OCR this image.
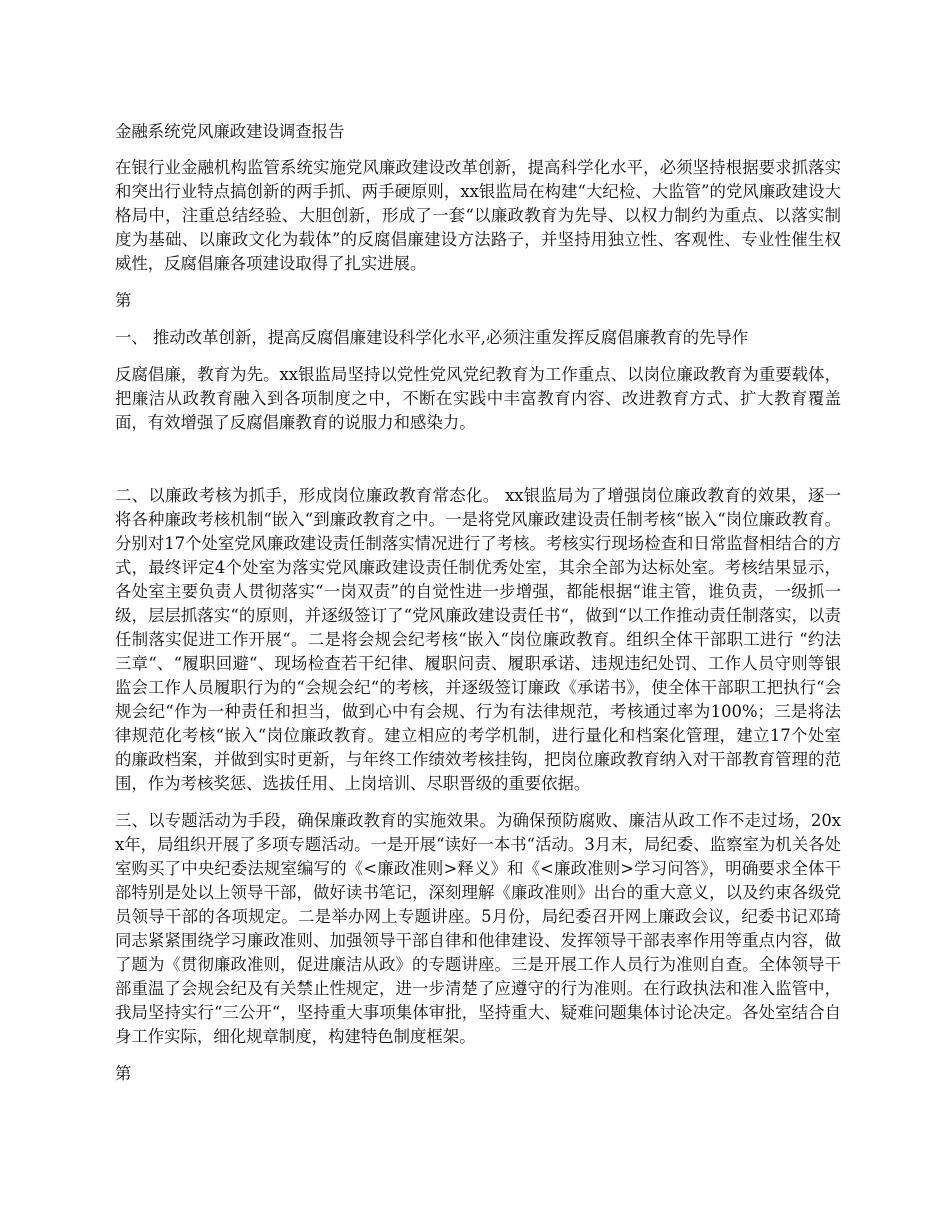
金融系统党风廉政建设调查报告

在银行业金融机构监管系统实施党风廉政建设改革创新，提高科学化水平，必须坚持根据要求抓落实和突出行业特点搞创新的两手抓、两手硬原则，xx银监局在构建“大纪检、大监管”的党风廉政建设大格局中，注重总结经验、大胆创新，形成了一套“以廉政教育为先导、以权力制约为重点、以落实制度为基础、以廉政文化为载体”的反腐倡廉建设方法路子，并坚持用独立性、客观性、专业性催生权威性，反腐倡廉各项建设取得了扎实进展。

第

一、 推动改革创新，提高反腐倡廉建设科学化水平,必须注重发挥反腐倡廉教育的先导作

反腐倡廉，教育为先。xx银监局坚持以党性党风党纪教育为工作重点、以岗位廉政教育为重要载体，把廉洁从政教育融入到各项制度之中，不断在实践中丰富教育内容、改进教育方式、扩大教育覆盖面，有效增强了反腐倡廉教育的说服力和感染力。

二、以廉政考核为抓手，形成岗位廉政教育常态化。 xx银监局为了增强岗位廉政教育的效果，逐一将各种廉政考核机制“嵌入“到廉政教育之中。一是将党风廉政建设责任制考核“嵌入“岗位廉政教育。分别对17个处室党风廉政建设责任制落实情况进行了考核。考核实行现场检查和日常监督相结合的方式，最终评定4个处室为落实党风廉政建设责任制优秀处室，其余全部为达标处室。考核结果显示，各处室主要负责人贯彻落实“一岗双责”的自觉性进一步增强，都能根据“谁主管，谁负责，一级抓一级，层层抓落实“的原则，并逐级签订了“党风廉政建设责任书“，做到“以工作推动责任制落实，以责任制落实促进工作开展“。二是将会规会纪考核“嵌入“岗位廉政教育。组织全体干部职工进行 “约法三章“、“履职回避“、现场检查若干纪律、履职问责、履职承诺、违规违纪处罚、工作人员守则等银监会工作人员履职行为的“会规会纪“的考核，并逐级签订廉政《承诺书》，使全体干部职工把执行“会规会纪“作为一种责任和担当，做到心中有会规、行为有法律规范，考核通过率为100%；三是将法律规范化考核“嵌入“岗位廉政教育。建立相应的考学机制，进行量化和档案化管理，建立17个处室的廉政档案，并做到实时更新，与年终工作绩效考核挂钩，把岗位廉政教育纳入对干部教育管理的范围，作为考核奖惩、选拔任用、上岗培训、尽职晋级的重要依据。

三、以专题活动为手段，确保廉政教育的实施效果。为确保预防腐败、廉洁从政工作不走过场，20xx年，局组织开展了多项专题活动。一是开展“读好一本书“活动。3月末，局纪委、监察室为机关各处室购买了中央纪委法规室编写的《<廉政准则>释义》和《<廉政准则>学习问答》，明确要求全体干部特别是处以上领导干部，做好读书笔记，深刻理解《廉政准则》出台的重大意义，以及约束各级党员领导干部的各项规定。二是举办网上专题讲座。5月份，局纪委召开网上廉政会议，纪委书记邓琦同志紧紧围绕学习廉政准则、加强领导干部自律和他律建设、发挥领导干部表率作用等重点内容，做了题为《贯彻廉政准则，促进廉洁从政》的专题讲座。三是开展工作人员行为准则自查。全体领导干部重温了会规会纪及有关禁止性规定，进一步清楚了应遵守的行为准则。在行政执法和准入监管中，我局坚持实行“三公开“，坚持重大事项集体审批，坚持重大、疑难问题集体讨论决定。各处室结合自身工作实际，细化规章制度，构建特色制度框架。

第
